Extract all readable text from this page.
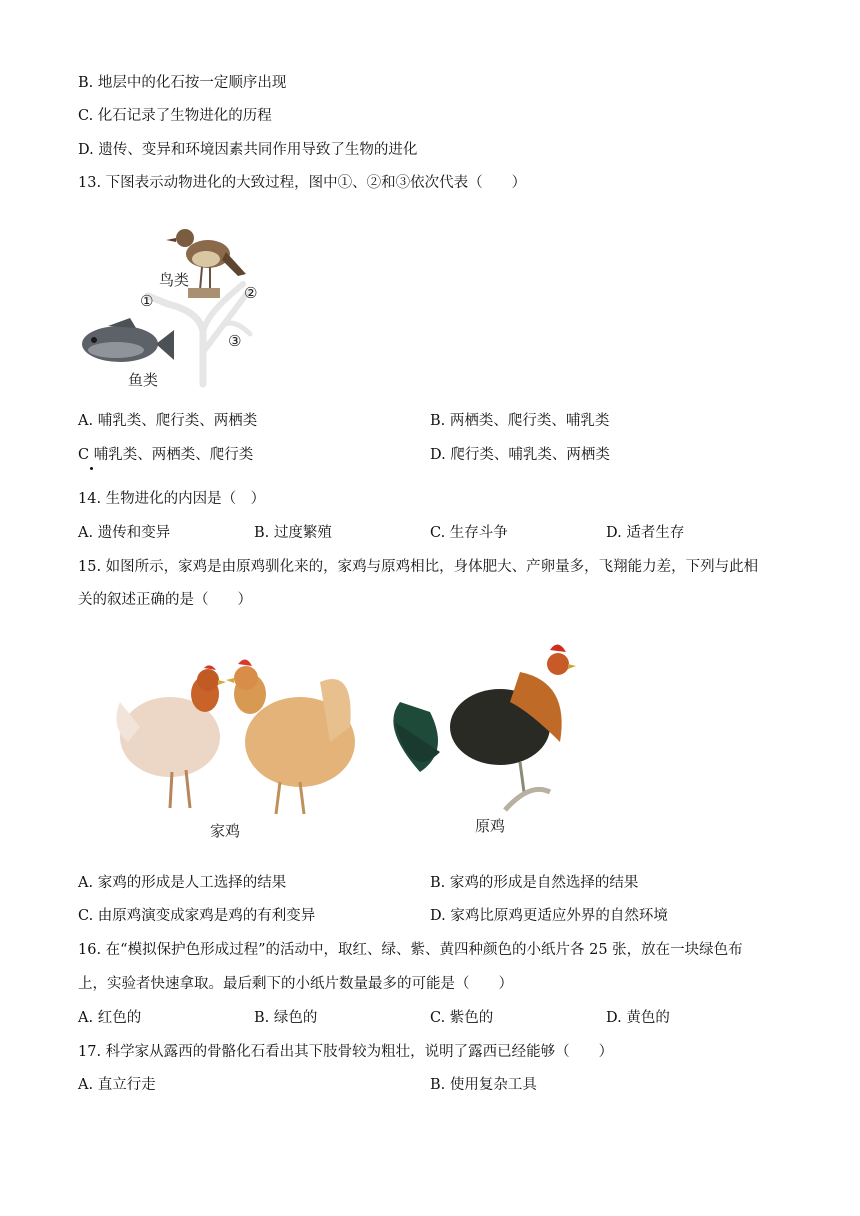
B. 地层中的化石按一定顺序出现
C. 化石记录了生物进化的历程
D. 遗传、变异和环境因素共同作用导致了生物的进化
13. 下图表示动物进化的大致过程，图中①、②和③依次代表（　　）
鸟类
鱼类
①	②
③
A. 哺乳类、爬行类、两栖类	B. 两栖类、爬行类、哺乳类
C 哺乳类、两栖类、爬行类	D. 爬行类、哺乳类、两栖类
14. 生物进化的内因是（　）
A. 遗传和变异	B. 过度繁殖	C. 生存斗争	D. 适者生存
15. 如图所示，家鸡是由原鸡驯化来的，家鸡与原鸡相比，身体肥大、产卵量多，飞翔能力差，下列与此相
关的叙述正确的是（　　）
家鸡	原鸡
A. 家鸡的形成是人工选择的结果	B. 家鸡的形成是自然选择的结果
C. 由原鸡演变成家鸡是鸡的有利变异	D. 家鸡比原鸡更适应外界的自然环境
16. 在“模拟保护色形成过程”的活动中，取红、绿、紫、黄四种颜色的小纸片各 25 张，放在一块绿色布
上，实验者快速拿取。最后剩下的小纸片数量最多的可能是（　　）
A. 红色的	B. 绿色的	C. 紫色的	D. 黄色的
17. 科学家从露西的骨骼化石看出其下肢骨较为粗壮，说明了露西已经能够（　　）
A. 直立行走	B. 使用复杂工具
